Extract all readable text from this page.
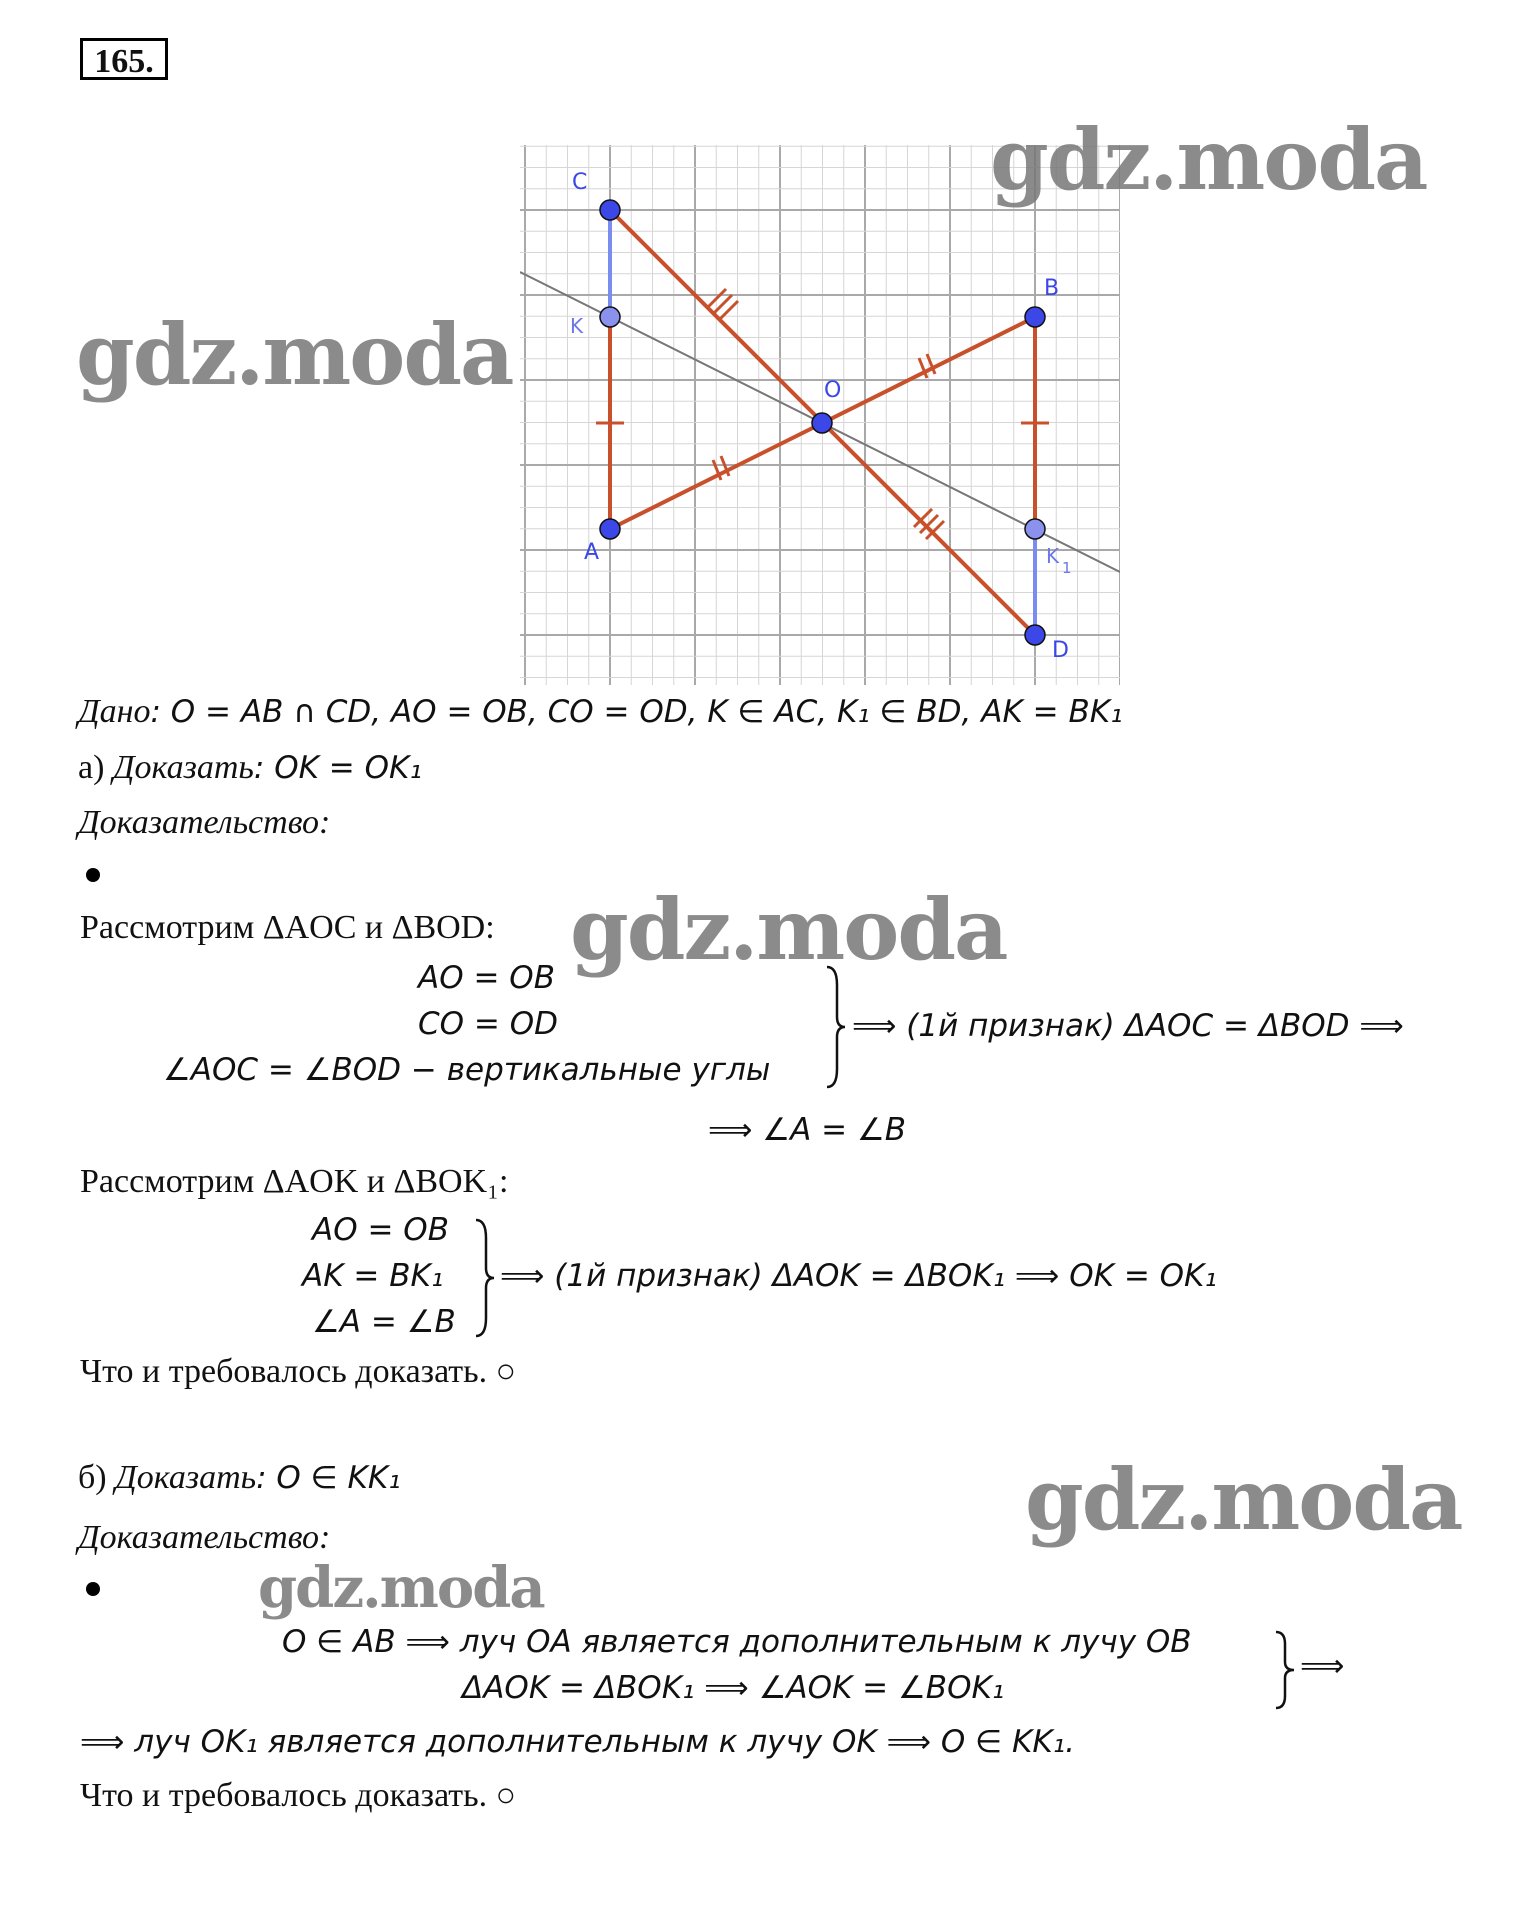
165.
C
K
B
O
A	K 1
D
gdz.moda
gdz.moda
gdz.moda
gdz.moda
gdz.moda
Дано: O = AB ∩ CD, AO = OB, CO = OD, K ∈ AC, K₁ ∈ BD, AK = BK₁
а) Доказать: OK = OK₁
Доказательство:
Рассмотрим ΔAOC и ΔBOD:
AO = OB
CO = OD
∠AOC = ∠BOD − вертикальные углы
⟹ (1й признак) ΔAOC = ΔBOD ⟹
⟹ ∠A = ∠B
Рассмотрим ΔAOK и ΔBOK₁:
AO = OB
AK = BK₁
∠A = ∠B
⟹ (1й признак) ΔAOK = ΔBOK₁ ⟹ OK = OK₁
Что и требовалось доказать. ○
б) Доказать: O ∈ KK₁
Доказательство:
O ∈ AB ⟹ луч OA является дополнительным к лучу OB
ΔAOK = ΔBOK₁ ⟹ ∠AOK = ∠BOK₁
⟹
⟹ луч OK₁ является дополнительным к лучу OK ⟹ O ∈ KK₁.
Что и требовалось доказать. ○
